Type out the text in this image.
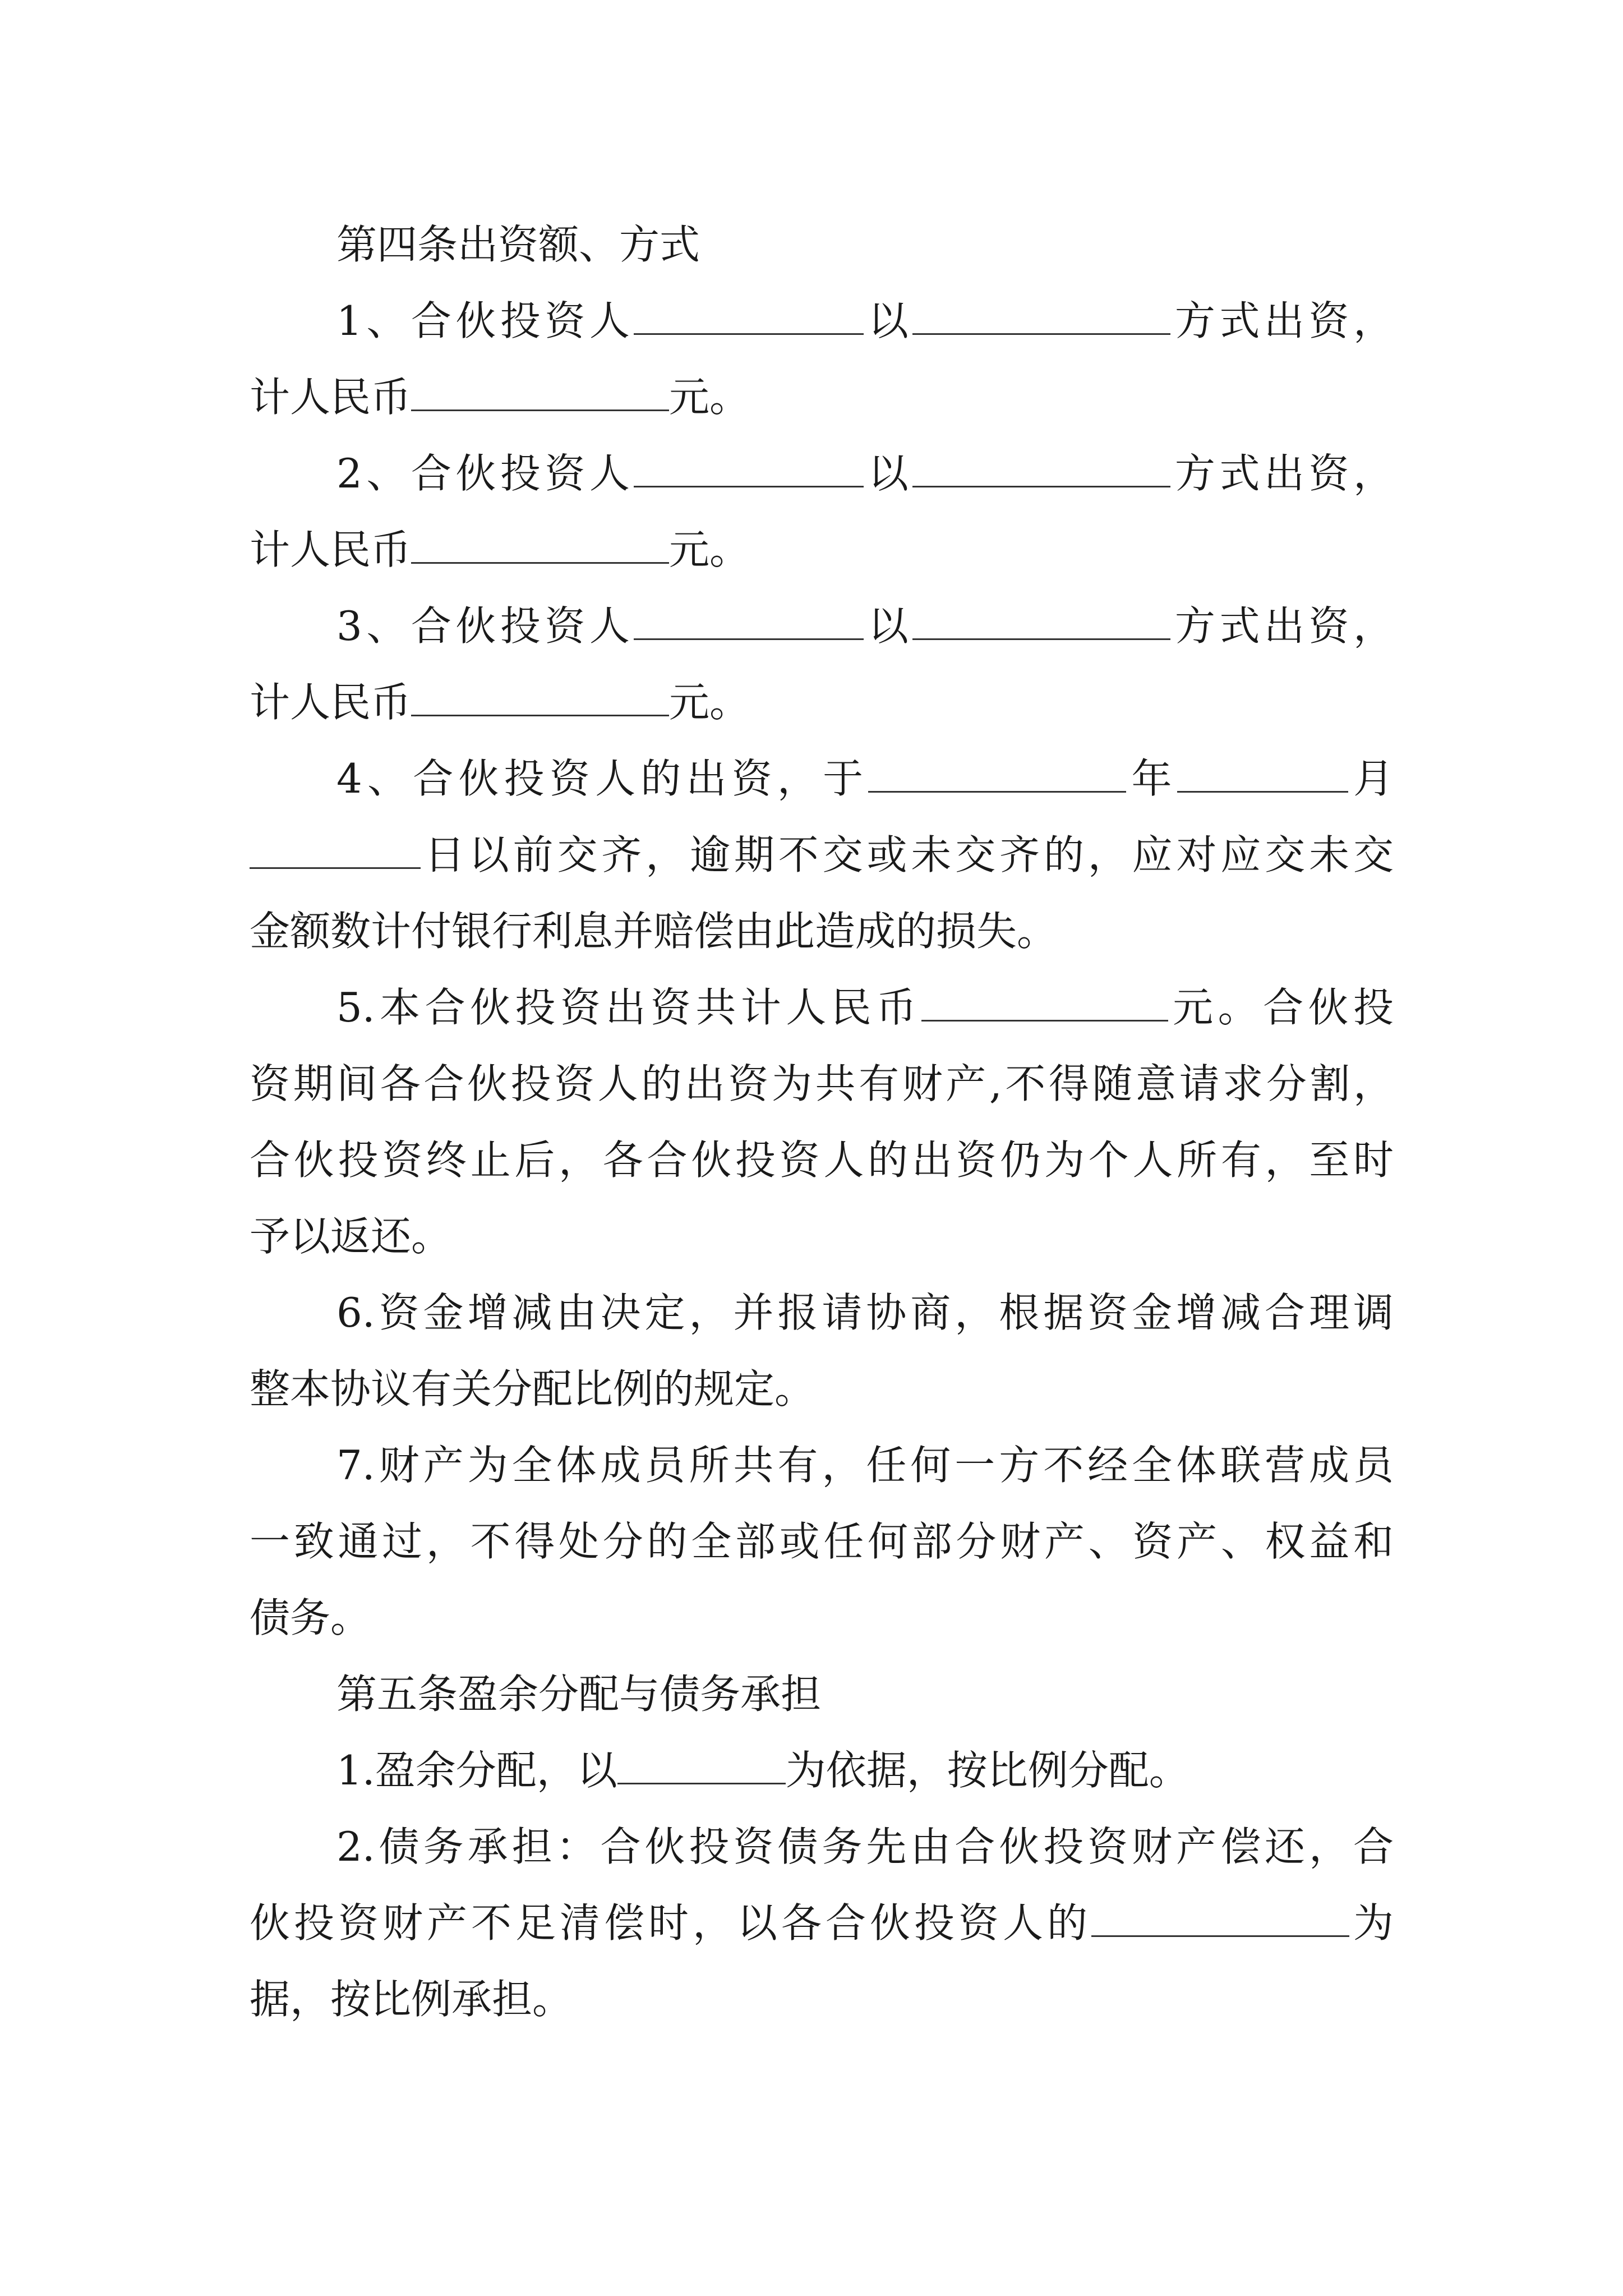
第四条出资额、方式
1、合伙投资人	以	方式出资，
计人民币	元。
2、合伙投资人	以	方式出资，
计人民币	元。
3、合伙投资人	以	方式出资，
计人民币	元。
4、合伙投资人的出资，于	年	月
日以前交齐，逾期不交或未交齐的，应对应交未交
金额数计付银行利息并赔偿由此造成的损失。
5.本合伙投资出资共计人民币	元。合伙投
资期间各合伙投资人的出资为共有财产,不得随意请求分割，
合伙投资终止后，各合伙投资人的出资仍为个人所有，至时
予以返还。
6.资金增减由决定，并报请协商，根据资金增减合理调
整本协议有关分配比例的规定。
7.财产为全体成员所共有，任何一方不经全体联营成员
一致通过，不得处分的全部或任何部分财产、资产、权益和
债务。
第五条盈余分配与债务承担
1.盈余分配，以	为依据，按比例分配。
2.债务承担：合伙投资债务先由合伙投资财产偿还，合
伙投资财产不足清偿时，以各合伙投资人的	为
据，按比例承担。
